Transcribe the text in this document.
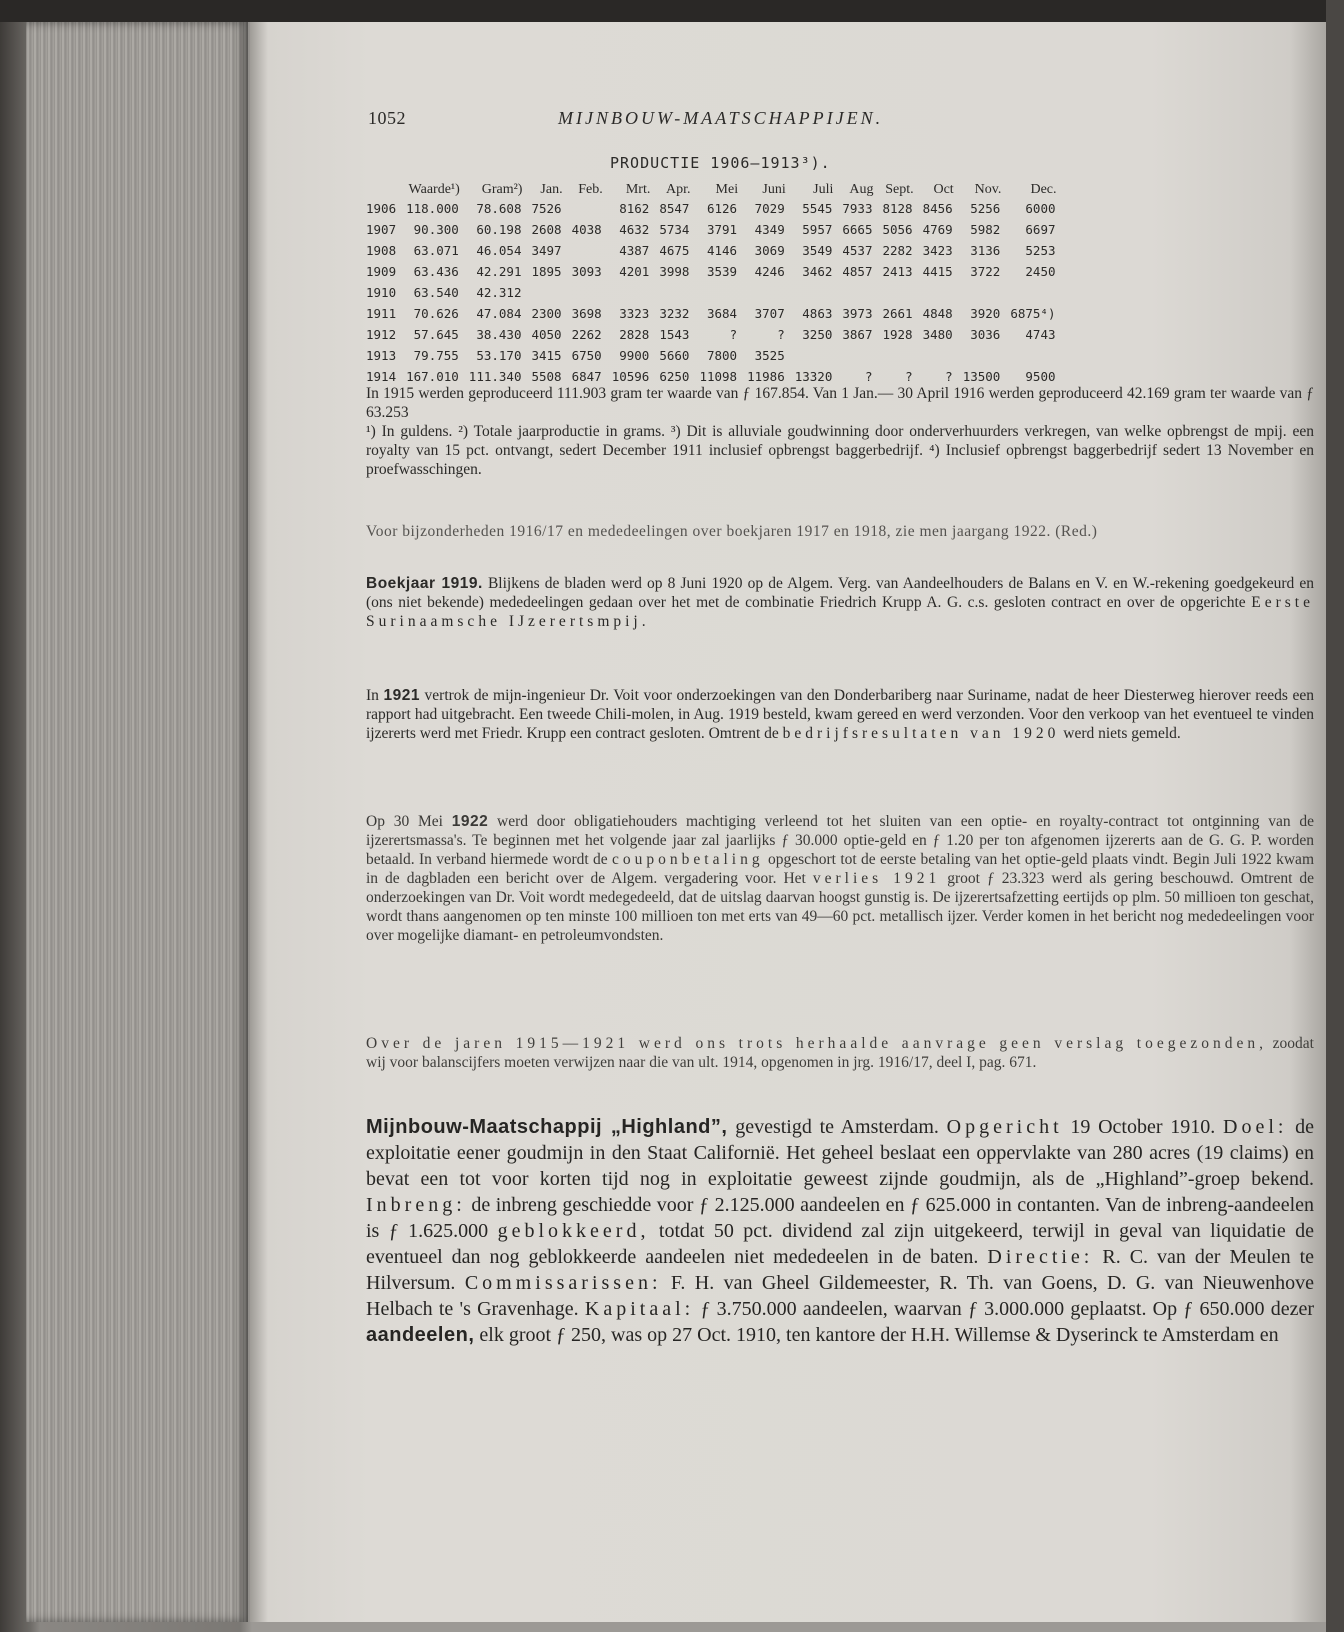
1052	MIJNBOUW-MAATSCHAPPIJEN.
PRODUCTIE 1906—1913³).
	Waarde¹)	Gram²)	Jan.	Feb.	Mrt.	Apr.	Mei	Juni	Juli	Aug	Sept.	Oct	Nov.	Dec.
1906	118.000	78.608	7526		8162	8547	6126	7029	5545	7933	8128	8456	5256	6000
1907	90.300	60.198	2608	4038	4632	5734	3791	4349	5957	6665	5056	4769	5982	6697
1908	63.071	46.054	3497		4387	4675	4146	3069	3549	4537	2282	3423	3136	5253
1909	63.436	42.291	1895	3093	4201	3998	3539	4246	3462	4857	2413	4415	3722	2450
1910	63.540	42.312												
1911	70.626	47.084	2300	3698	3323	3232	3684	3707	4863	3973	2661	4848	3920	6875⁴)
1912	57.645	38.430	4050	2262	2828	1543	?	?	3250	3867	1928	3480	3036	4743
1913	79.755	53.170	3415	6750	9900	5660	7800	3525						
1914	167.010	111.340	5508	6847	10596	6250	11098	11986	13320	?	?	?	13500	9500
In 1915 werden geproduceerd 111.903 gram ter waarde van ƒ 167.854. Van 1 Jan.— 30 April 1916 werden geproduceerd 42.169 gram ter waarde van ƒ 63.253
¹) In guldens. ²) Totale jaarproductie in grams. ³) Dit is alluviale goudwinning door onderverhuurders verkregen, van welke opbrengst de mpij. een royalty van 15 pct. ontvangt, sedert December 1911 inclusief opbrengst baggerbedrijf. ⁴) Inclusief opbrengst baggerbedrijf sedert 13 November en proefwasschingen.
Voor bijzonderheden 1916/17 en mededeelingen over boekjaren 1917 en 1918, zie men jaargang 1922. (Red.)
Boekjaar 1919. Blijkens de bladen werd op 8 Juni 1920 op de Algem. Verg. van Aandeelhouders de Balans en V. en W.-rekening goedgekeurd en (ons niet bekende) mededeelingen gedaan over het met de combinatie Friedrich Krupp A. G. c.s. gesloten contract en over de opgerichte Eerste Surinaamsche IJzerertsmpij.
In 1921 vertrok de mijn-ingenieur Dr. Voit voor onderzoekingen van den Donderbariberg naar Suriname, nadat de heer Diesterweg hierover reeds een rapport had uitgebracht. Een tweede Chili-molen, in Aug. 1919 besteld, kwam gereed en werd verzonden. Voor den verkoop van het eventueel te vinden ijzererts werd met Friedr. Krupp een contract gesloten. Omtrent de bedrijfsresultaten van 1920 werd niets gemeld.
Op 30 Mei 1922 werd door obligatiehouders machtiging verleend tot het sluiten van een optie- en royalty-contract tot ontginning van de ijzerertsmassa's. Te beginnen met het volgende jaar zal jaarlijks ƒ 30.000 optie-geld en ƒ 1.20 per ton afgenomen ijzererts aan de G. G. P. worden betaald. In verband hiermede wordt de couponbetaling opgeschort tot de eerste betaling van het optie-geld plaats vindt. Begin Juli 1922 kwam in de dagbladen een bericht over de Algem. vergadering voor. Het verlies 1921 groot ƒ 23.323 werd als gering beschouwd. Omtrent de onderzoekingen van Dr. Voit wordt medegedeeld, dat de uitslag daarvan hoogst gunstig is. De ijzerertsafzetting eertijds op plm. 50 millioen ton geschat, wordt thans aangenomen op ten minste 100 millioen ton met erts van 49—60 pct. metallisch ijzer. Verder komen in het bericht nog mededeelingen voor over mogelijke diamant- en petroleumvondsten.
Over de jaren 1915—1921 werd ons trots herhaalde aanvrage geen verslag toegezonden, zoodat wij voor balanscijfers moeten verwijzen naar die van ult. 1914, opgenomen in jrg. 1916/17, deel I, pag. 671.
Mijnbouw-Maatschappij „Highland”, gevestigd te Amsterdam. Opgericht 19 October 1910. Doel: de exploitatie eener goudmijn in den Staat Californië. Het geheel beslaat een oppervlakte van 280 acres (19 claims) en bevat een tot voor korten tijd nog in exploitatie geweest zijnde goudmijn, als de „Highland”-groep bekend. Inbreng: de inbreng geschiedde voor ƒ 2.125.000 aandeelen en ƒ 625.000 in contanten. Van de inbreng-aandeelen is ƒ 1.625.000 geblokkeerd, totdat 50 pct. dividend zal zijn uitgekeerd, terwijl in geval van liquidatie de eventueel dan nog geblokkeerde aandeelen niet mededeelen in de baten. Directie: R. C. van der Meulen te Hilversum. Commissarissen: F. H. van Gheel Gildemeester, R. Th. van Goens, D. G. van Nieuwenhove Helbach te 's Gravenhage. Kapitaal: ƒ 3.750.000 aandeelen, waarvan ƒ 3.000.000 geplaatst. Op ƒ 650.000 dezer aandeelen, elk groot ƒ 250, was op 27 Oct. 1910, ten kantore der H.H. Willemse & Dyserinck te Amsterdam en
